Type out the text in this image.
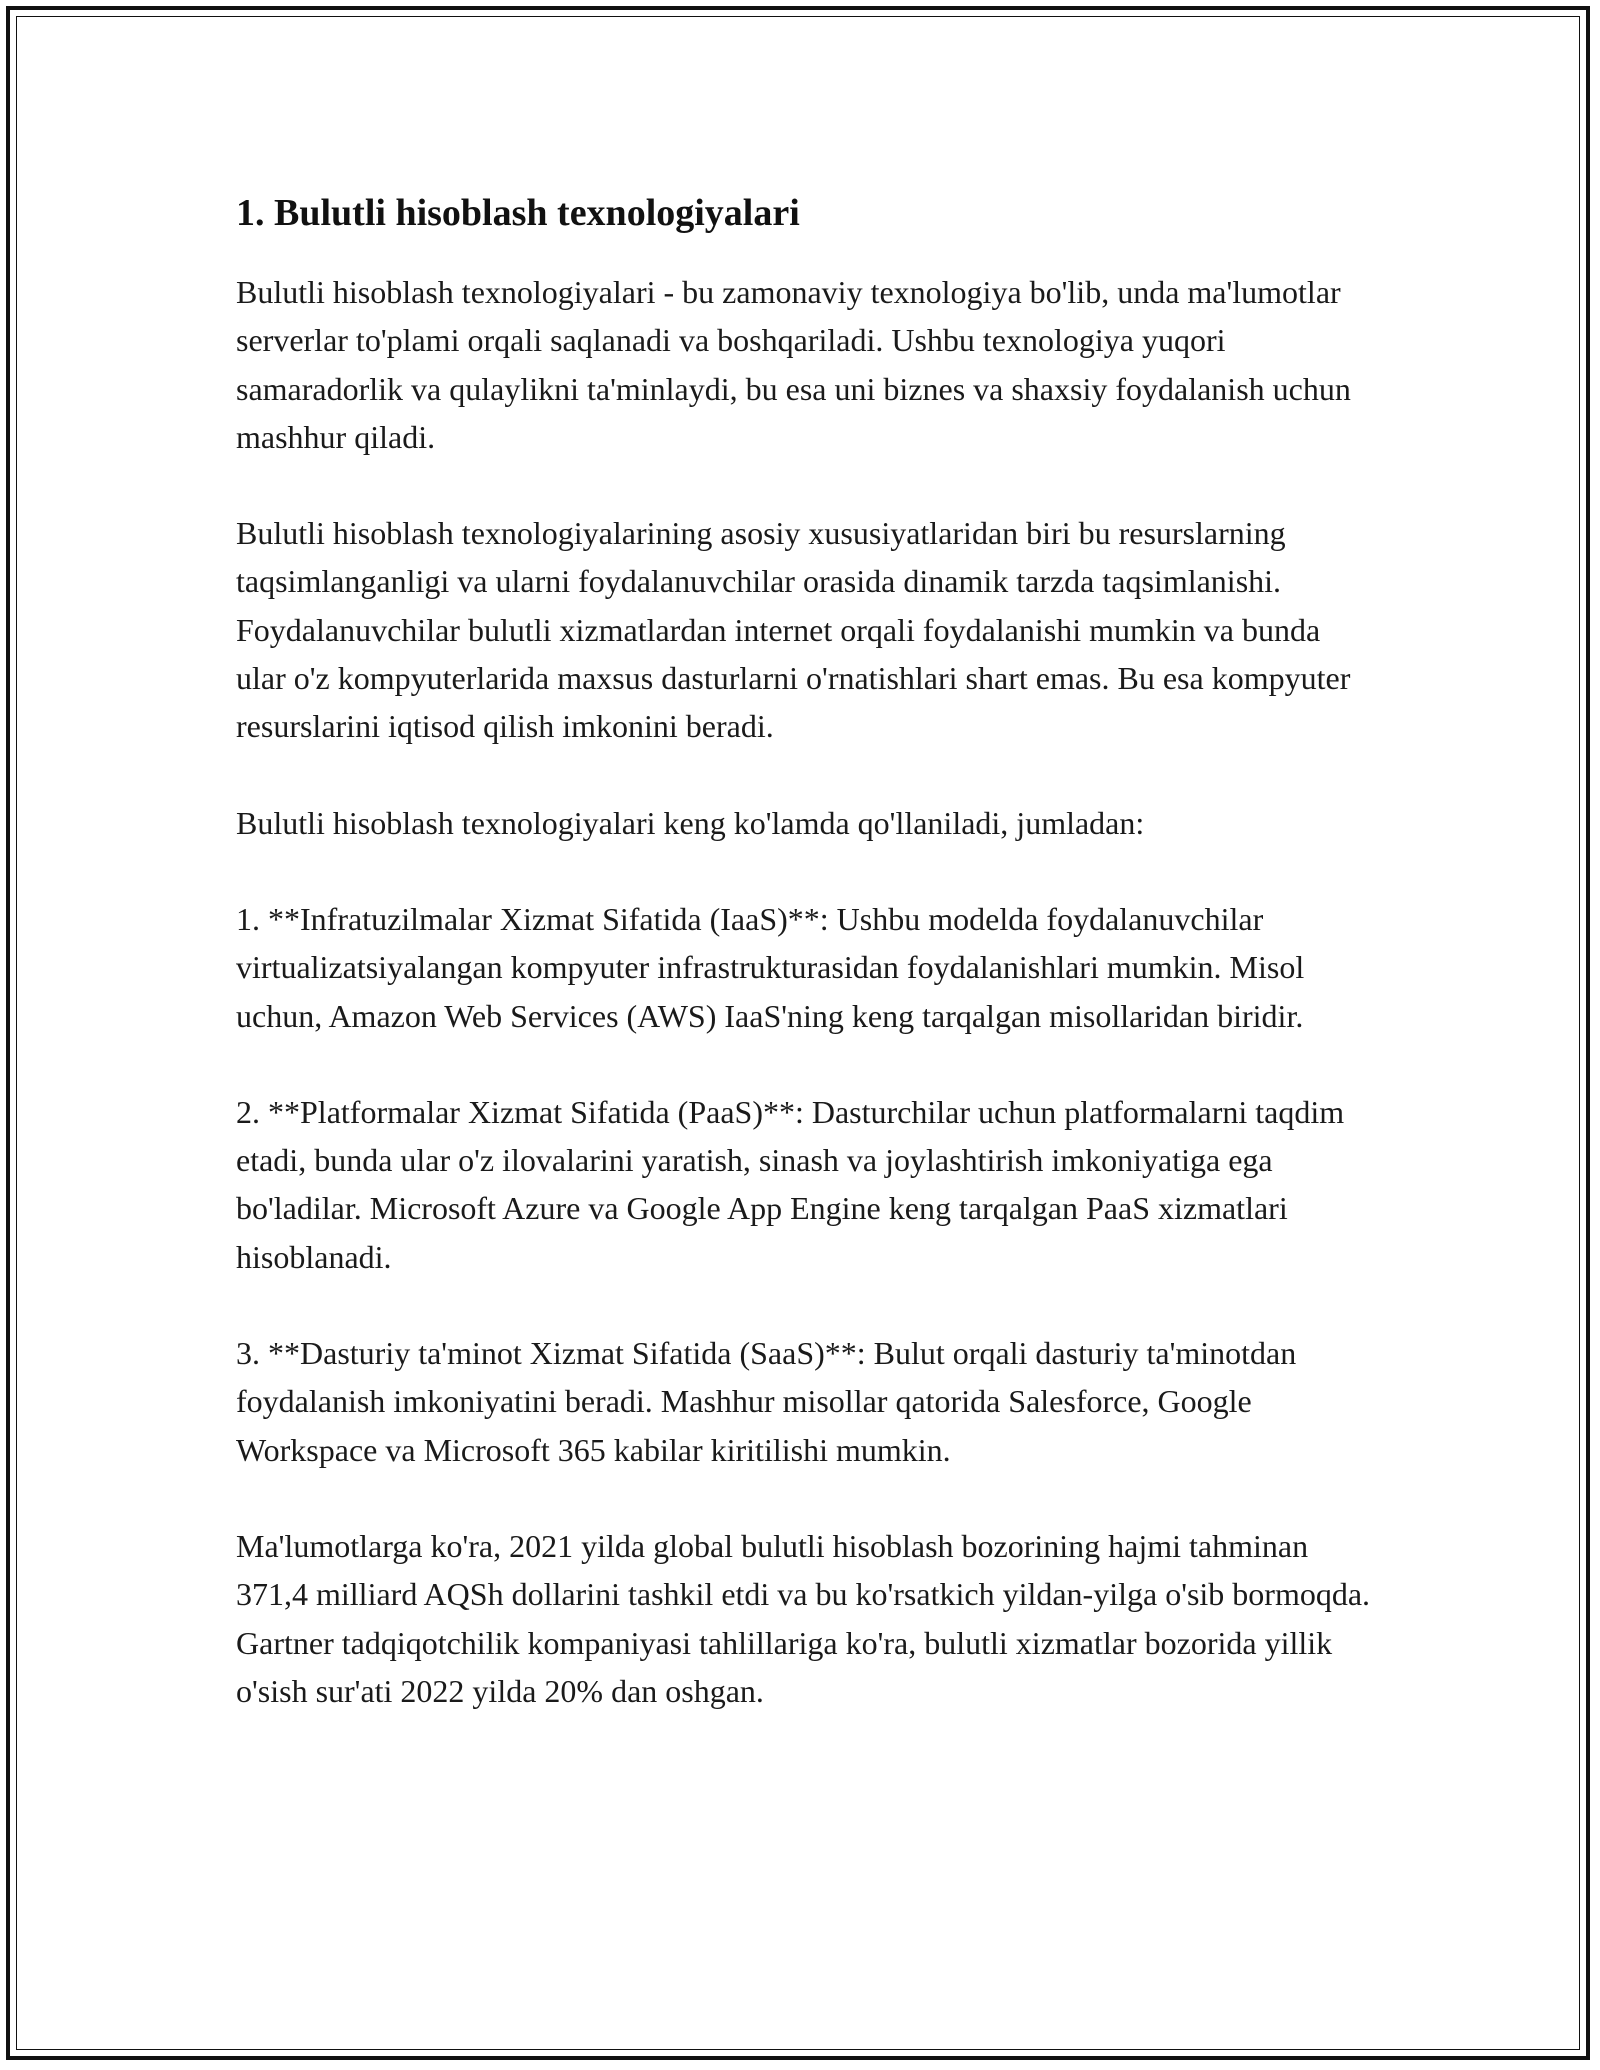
1. Bulutli hisoblash texnologiyalari

Bulutli hisoblash texnologiyalari - bu zamonaviy texnologiya bo'lib, unda ma'lumotlar serverlar to'plami orqali saqlanadi va boshqariladi. Ushbu texnologiya yuqori samaradorlik va qulaylikni ta'minlaydi, bu esa uni biznes va shaxsiy foydalanish uchun mashhur qiladi.

Bulutli hisoblash texnologiyalarining asosiy xususiyatlaridan biri bu resurslarning taqsimlanganligi va ularni foydalanuvchilar orasida dinamik tarzda taqsimlanishi. Foydalanuvchilar bulutli xizmatlardan internet orqali foydalanishi mumkin va bunda ular o'z kompyuterlarida maxsus dasturlarni o'rnatishlari shart emas. Bu esa kompyuter resurslarini iqtisod qilish imkonini beradi.

Bulutli hisoblash texnologiyalari keng ko'lamda qo'llaniladi, jumladan:

1. **Infratuzilmalar Xizmat Sifatida (IaaS)**: Ushbu modelda foydalanuvchilar virtualizatsiyalangan kompyuter infrastrukturasidan foydalanishlari mumkin. Misol uchun, Amazon Web Services (AWS) IaaS'ning keng tarqalgan misollaridan biridir.

2. **Platformalar Xizmat Sifatida (PaaS)**: Dasturchilar uchun platformalarni taqdim etadi, bunda ular o'z ilovalarini yaratish, sinash va joylashtirish imkoniyatiga ega bo'ladilar. Microsoft Azure va Google App Engine keng tarqalgan PaaS xizmatlari hisoblanadi.

3. **Dasturiy ta'minot Xizmat Sifatida (SaaS)**: Bulut orqali dasturiy ta'minotdan foydalanish imkoniyatini beradi. Mashhur misollar qatorida Salesforce, Google Workspace va Microsoft 365 kabilar kiritilishi mumkin.

Ma'lumotlarga ko'ra, 2021 yilda global bulutli hisoblash bozorining hajmi tahminan 371,4 milliard AQSh dollarini tashkil etdi va bu ko'rsatkich yildan-yilga o'sib bormoqda. Gartner tadqiqotchilik kompaniyasi tahlillariga ko'ra, bulutli xizmatlar bozorida yillik o'sish sur'ati 2022 yilda 20% dan oshgan.
